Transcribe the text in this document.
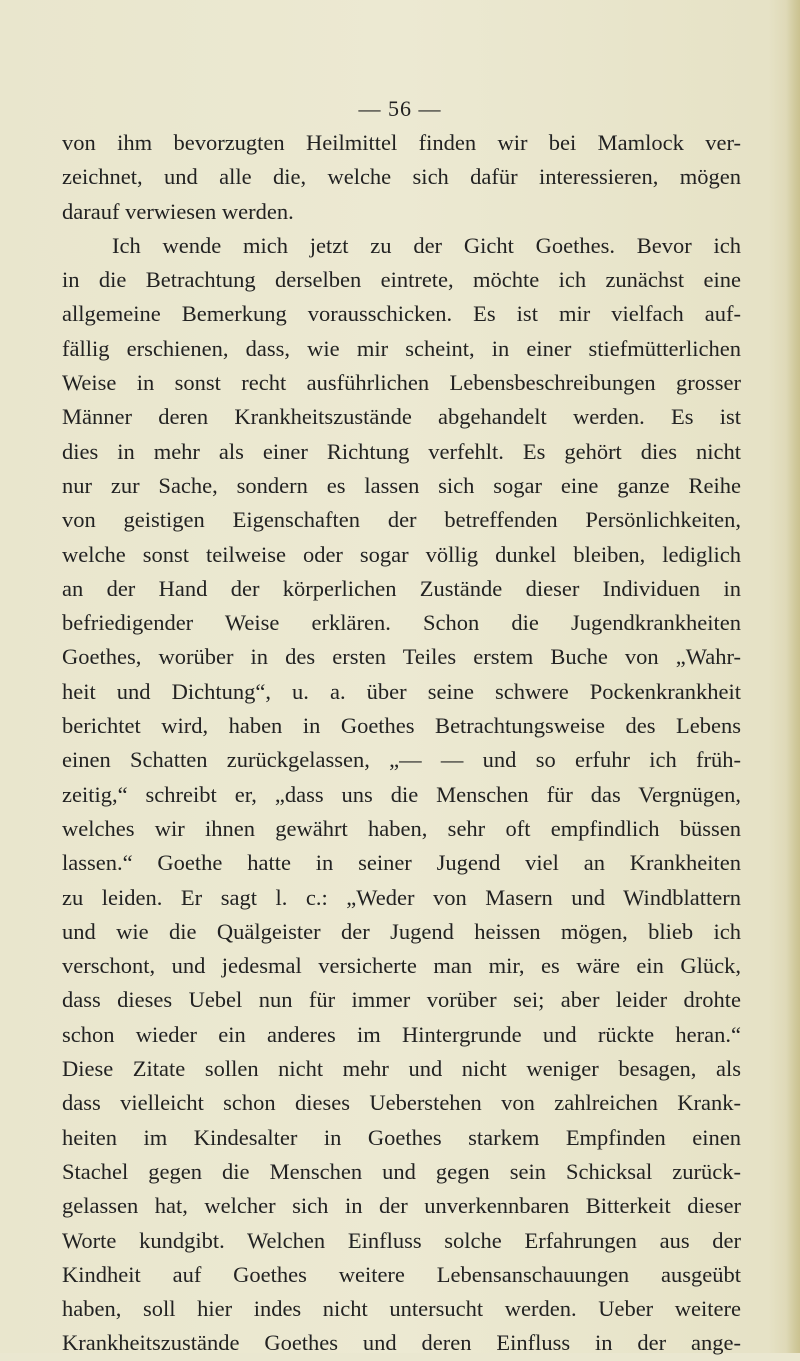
— 56 —
von ihm bevorzugten Heilmittel finden wir bei Mamlock ver-
zeichnet, und alle die, welche sich dafür interessieren, mögen
darauf verwiesen werden.
Ich wende mich jetzt zu der Gicht Goethes. Bevor ich
in die Betrachtung derselben eintrete, möchte ich zunächst eine
allgemeine Bemerkung vorausschicken. Es ist mir vielfach auf-
fällig erschienen, dass, wie mir scheint, in einer stiefmütterlichen
Weise in sonst recht ausführlichen Lebensbeschreibungen grosser
Männer deren Krankheitszustände abgehandelt werden. Es ist
dies in mehr als einer Richtung verfehlt. Es gehört dies nicht
nur zur Sache, sondern es lassen sich sogar eine ganze Reihe
von geistigen Eigenschaften der betreffenden Persönlichkeiten,
welche sonst teilweise oder sogar völlig dunkel bleiben, lediglich
an der Hand der körperlichen Zustände dieser Individuen in
befriedigender Weise erklären. Schon die Jugendkrankheiten
Goethes, worüber in des ersten Teiles erstem Buche von „Wahr-
heit und Dichtung“, u. a. über seine schwere Pockenkrankheit
berichtet wird, haben in Goethes Betrachtungsweise des Lebens
einen Schatten zurückgelassen, „— — und so erfuhr ich früh-
zeitig,“ schreibt er, „dass uns die Menschen für das Vergnügen,
welches wir ihnen gewährt haben, sehr oft empfindlich büssen
lassen.“ Goethe hatte in seiner Jugend viel an Krankheiten
zu leiden. Er sagt l. c.: „Weder von Masern und Windblattern
und wie die Quälgeister der Jugend heissen mögen, blieb ich
verschont, und jedesmal versicherte man mir, es wäre ein Glück,
dass dieses Uebel nun für immer vorüber sei; aber leider drohte
schon wieder ein anderes im Hintergrunde und rückte heran.“
Diese Zitate sollen nicht mehr und nicht weniger besagen, als
dass vielleicht schon dieses Ueberstehen von zahlreichen Krank-
heiten im Kindesalter in Goethes starkem Empfinden einen
Stachel gegen die Menschen und gegen sein Schicksal zurück-
gelassen hat, welcher sich in der unverkennbaren Bitterkeit dieser
Worte kundgibt. Welchen Einfluss solche Erfahrungen aus der
Kindheit auf Goethes weitere Lebensanschauungen ausgeübt
haben, soll hier indes nicht untersucht werden. Ueber weitere
Krankheitszustände Goethes und deren Einfluss in der ange-
